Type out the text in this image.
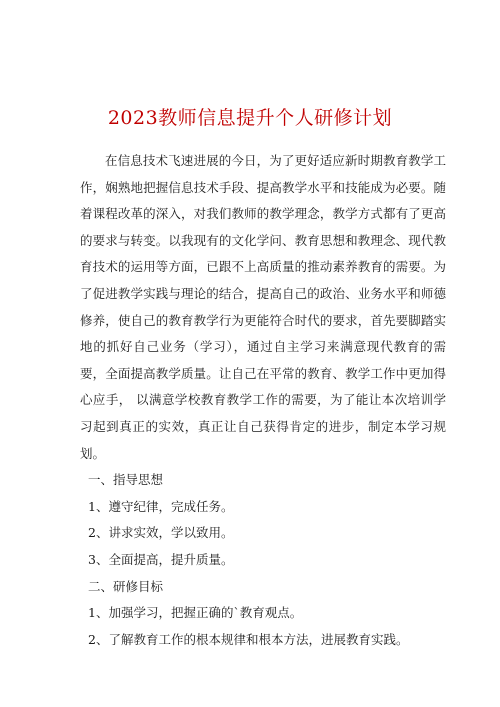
2023教师信息提升个人研修计划

在信息技术飞速进展的今日，为了更好适应新时期教育教学工作，娴熟地把握信息技术手段、提高教学水平和技能成为必要。随着课程改革的深入，对我们教师的教学理念，教学方式都有了更高的要求与转变。以我现有的文化学问、教育思想和教理念、现代教育技术的运用等方面，已跟不上高质量的推动素养教育的需要。为了促进教学实践与理论的结合，提高自己的政治、业务水平和师德修养，使自己的教育教学行为更能符合时代的要求，首先要脚踏实地的抓好自己业务（学习），通过自主学习来满意现代教育的需要，全面提高教学质量。让自己在平常的教育、教学工作中更加得心应手， 以满意学校教育教学工作的需要，为了能让本次培训学习起到真正的实效，真正让自己获得肯定的进步，制定本学习规划。

一、指导思想

1、遵守纪律，完成任务。

2、讲求实效，学以致用。

3、全面提高，提升质量。

二、研修目标

1、加强学习，把握正确的`教育观点。

2、了解教育工作的根本规律和根本方法，进展教育实践。
